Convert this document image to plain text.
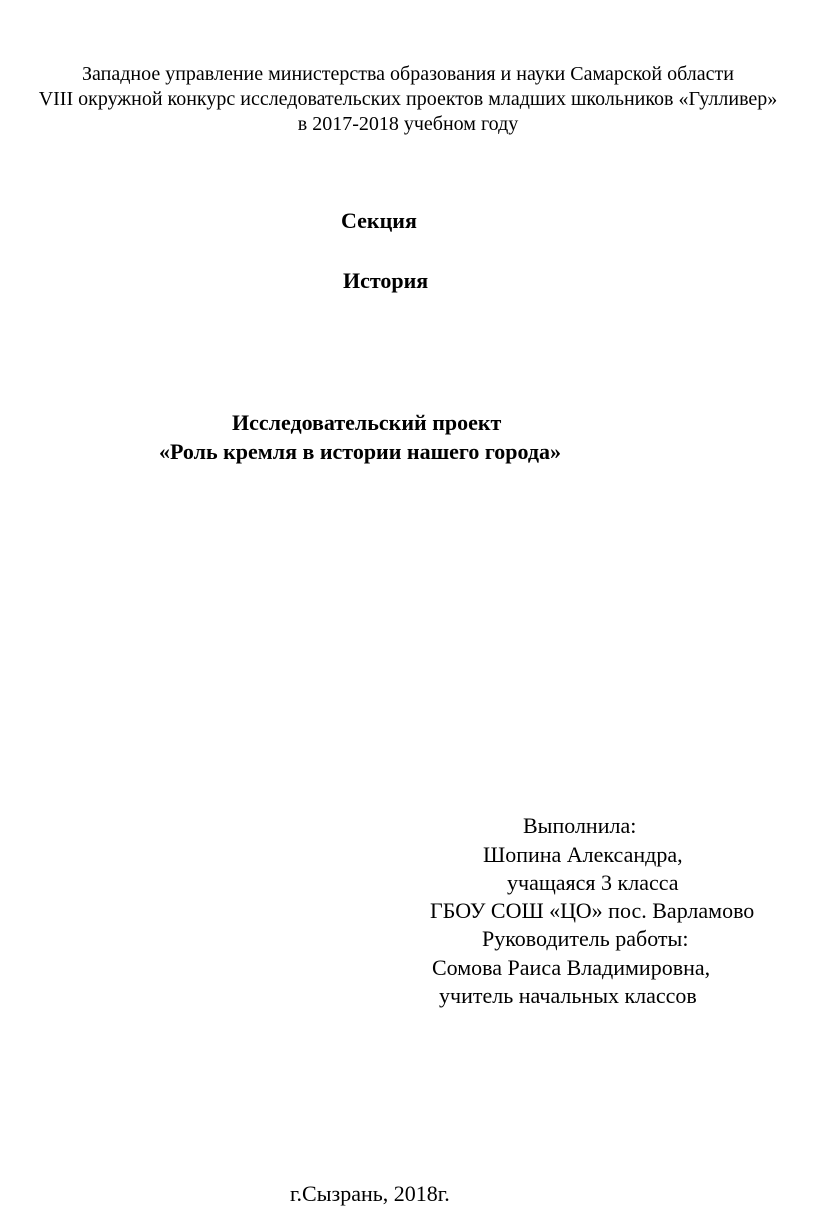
Западное управление министерства образования и науки Самарской области
VIII окружной конкурс исследовательских проектов младших школьников «Гулливер»
в 2017-2018 учебном году
Секция
История
Исследовательский проект
«Роль кремля в истории нашего города»
Выполнила:
Шопина Александра,
учащаяся 3 класса
ГБОУ СОШ «ЦО» пос. Варламово
Руководитель работы:
Сомова Раиса Владимировна,
учитель начальных классов
г.Сызрань, 2018г.
